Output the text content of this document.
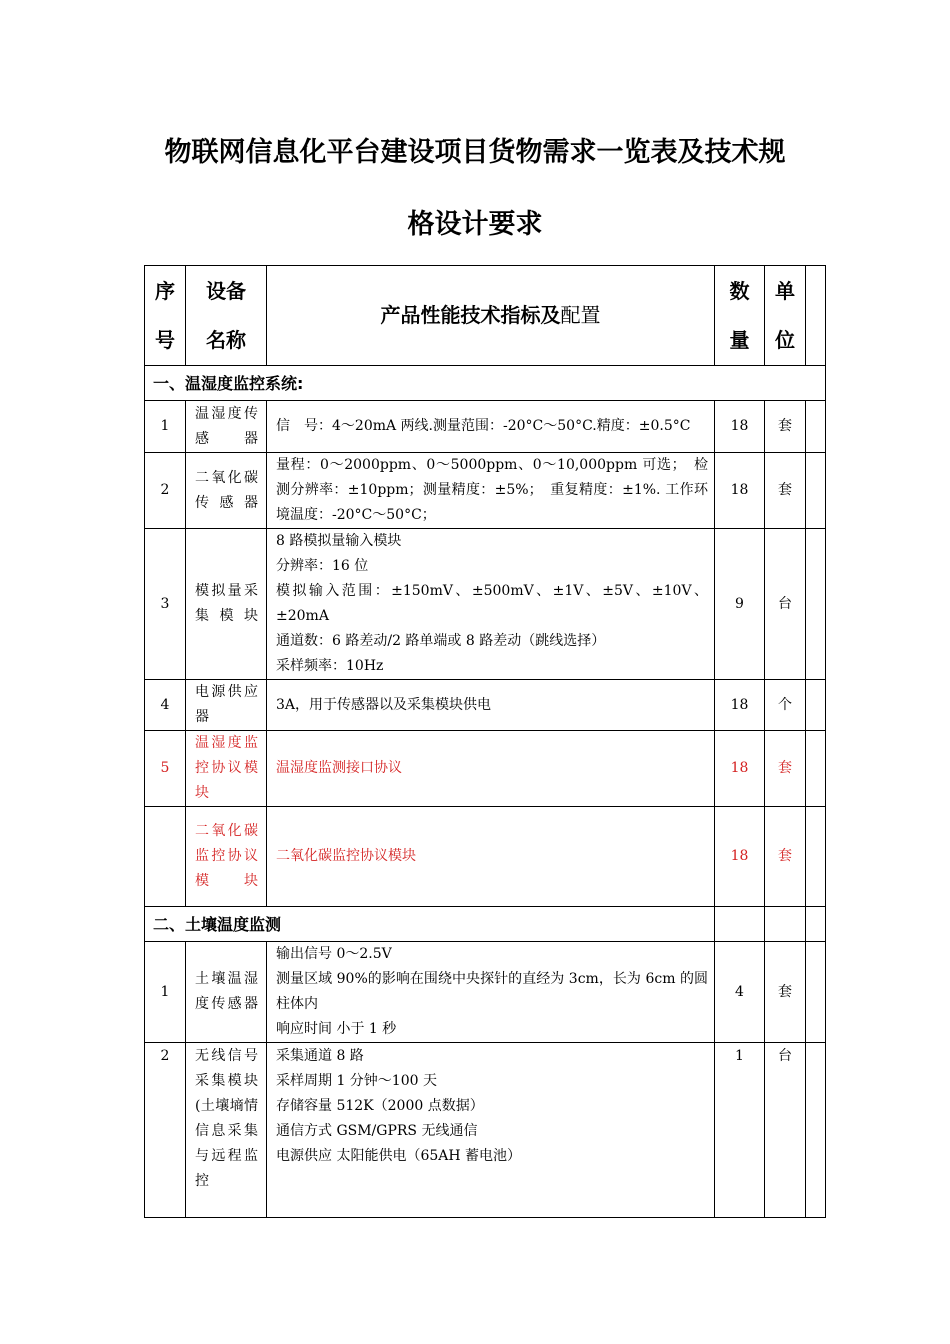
物联网信息化平台建设项目货物需求一览表及技术规
格设计要求
序号	设备名称	产品性能技术指标及配置	数量	单位	
一、温湿度监控系统:					
1	温湿度传感器	信　号：4～20mA 两线.测量范围：-20°C～50°C.精度：±0.5°C	18	套	
2	二氧化碳传感器	量程：0～2000ppm、0～5000ppm、0～10,000ppm 可选；　检测分辨率：±10ppm；测量精度：±5%；　重复精度：±1%. 工作环境温度：-20°C～50°C；	18	套	
3	模拟量采集模块	8 路模拟量输入模块
分辨率：16 位
模拟输入范围：±150mV、±500mV、±1V、±5V、±10V、±20mA
通道数：6 路差动/2 路单端或 8 路差动（跳线选择）
采样频率：10Hz	9	台	
4	电源供应器	3A，用于传感器以及采集模块供电	18	个	
5	温湿度监控协议模块	温湿度监测接口协议	18	套	
	二氧化碳监控协议模块	二氧化碳监控协议模块	18	套	
二、土壤温度监测					
1	土壤温湿度传感器	输出信号 0～2.5V
测量区域 90%的影响在围绕中央探针的直经为 3cm，长为 6cm 的圆柱体内
响应时间 小于 1 秒	4	套	
2	无线信号采集模块(土壤墒情信息采集与远程监控	采集通道 8 路
采样周期 1 分钟～100 天
存储容量 512K（2000 点数据）
通信方式 GSM/GPRS 无线通信
电源供应 太阳能供电（65AH 蓄电池）	1	台	
